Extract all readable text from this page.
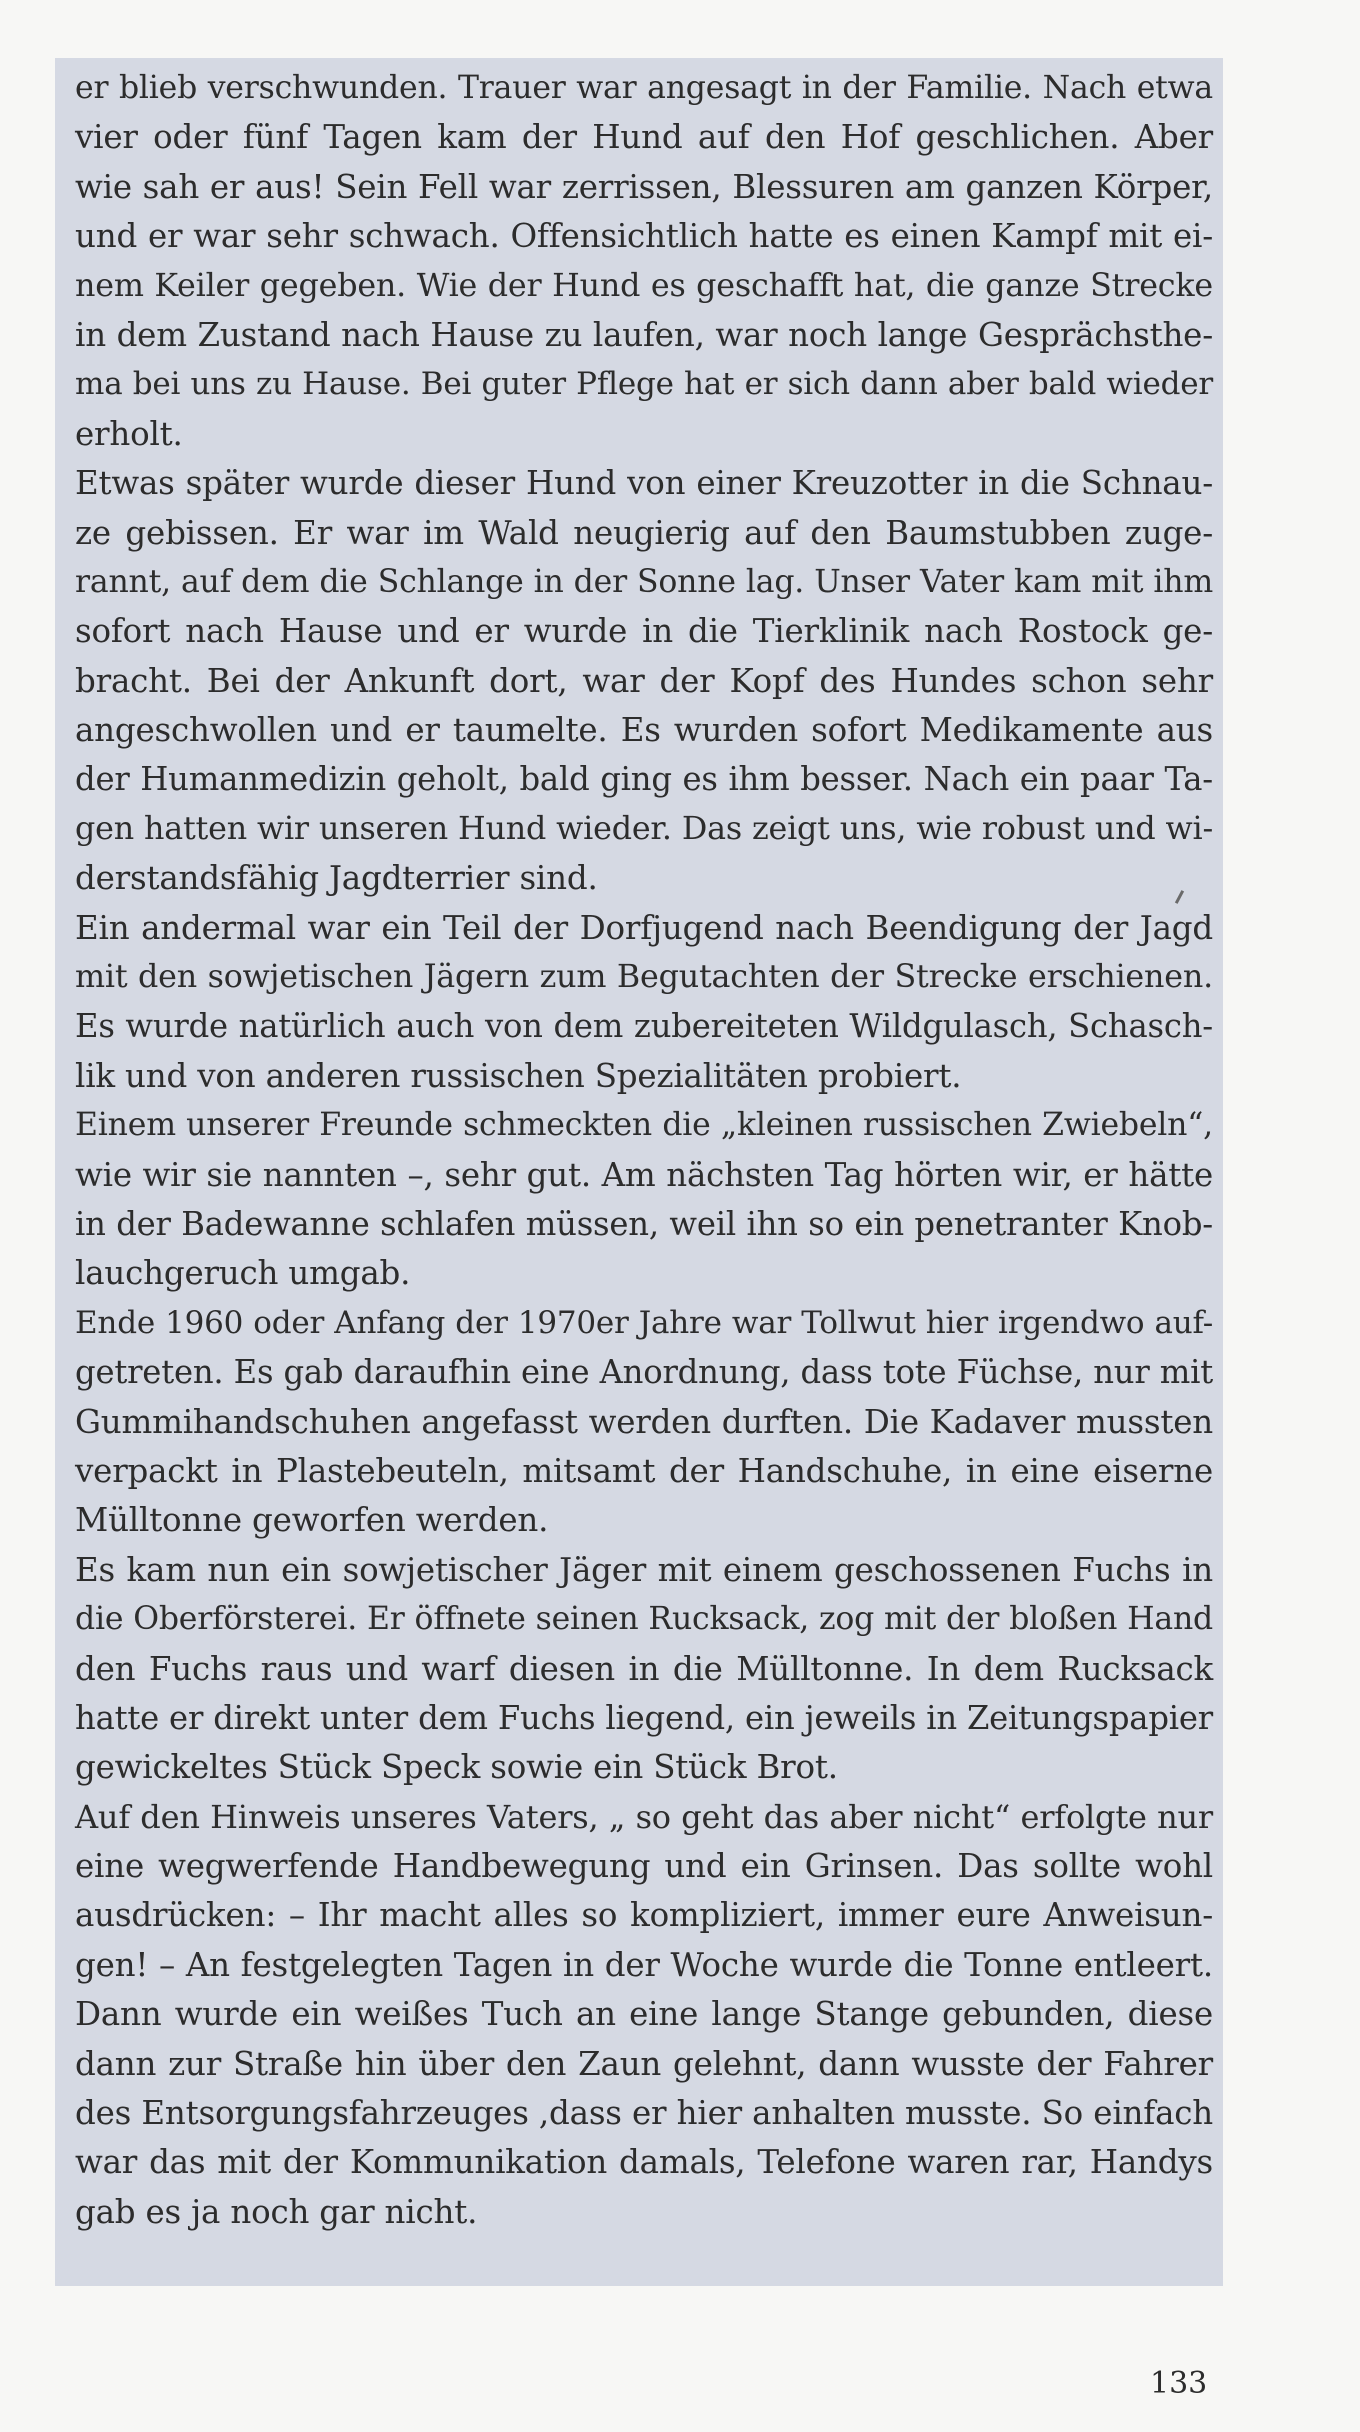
er blieb verschwunden. Trauer war angesagt in der Familie. Nach etwa
vier oder fünf Tagen kam der Hund auf den Hof geschlichen. Aber
wie sah er aus! Sein Fell war zerrissen, Blessuren am ganzen Körper,
und er war sehr schwach. Offensichtlich hatte es einen Kampf mit ei-
nem Keiler gegeben. Wie der Hund es geschafft hat, die ganze Strecke
in dem Zustand nach Hause zu laufen, war noch lange Gesprächsthe-
ma bei uns zu Hause. Bei guter Pflege hat er sich dann aber bald wieder
erholt.
Etwas später wurde dieser Hund von einer Kreuzotter in die Schnau-
ze gebissen. Er war im Wald neugierig auf den Baumstubben zuge-
rannt, auf dem die Schlange in der Sonne lag. Unser Vater kam mit ihm
sofort nach Hause und er wurde in die Tierklinik nach Rostock ge-
bracht. Bei der Ankunft dort, war der Kopf des Hundes schon sehr
angeschwollen und er taumelte. Es wurden sofort Medikamente aus
der Humanmedizin geholt, bald ging es ihm besser. Nach ein paar Ta-
gen hatten wir unseren Hund wieder. Das zeigt uns, wie robust und wi-
derstandsfähig Jagdterrier sind.
Ein andermal war ein Teil der Dorfjugend nach Beendigung der Jagd
mit den sowjetischen Jägern zum Begutachten der Strecke erschienen.
Es wurde natürlich auch von dem zubereiteten Wildgulasch, Schasch-
lik und von anderen russischen Spezialitäten probiert.
Einem unserer Freunde schmeckten die „kleinen russischen Zwiebeln“,
wie wir sie nannten –, sehr gut. Am nächsten Tag hörten wir, er hätte
in der Badewanne schlafen müssen, weil ihn so ein penetranter Knob-
lauchgeruch umgab.
Ende 1960 oder Anfang der 1970er Jahre war Tollwut hier irgendwo auf-
getreten. Es gab daraufhin eine Anordnung, dass tote Füchse, nur mit
Gummihandschuhen angefasst werden durften. Die Kadaver mussten
verpackt in Plastebeuteln, mitsamt der Handschuhe, in eine eiserne
Mülltonne geworfen werden.
Es kam nun ein sowjetischer Jäger mit einem geschossenen Fuchs in
die Oberförsterei. Er öffnete seinen Rucksack, zog mit der bloßen Hand
den Fuchs raus und warf diesen in die Mülltonne. In dem Rucksack
hatte er direkt unter dem Fuchs liegend, ein jeweils in Zeitungspapier
gewickeltes Stück Speck sowie ein Stück Brot.
Auf den Hinweis unseres Vaters, „ so geht das aber nicht“ erfolgte nur
eine wegwerfende Handbewegung und ein Grinsen. Das sollte wohl
ausdrücken: – Ihr macht alles so kompliziert, immer eure Anweisun-
gen! – An festgelegten Tagen in der Woche wurde die Tonne entleert.
Dann wurde ein weißes Tuch an eine lange Stange gebunden, diese
dann zur Straße hin über den Zaun gelehnt, dann wusste der Fahrer
des Entsorgungsfahrzeuges ,dass er hier anhalten musste. So einfach
war das mit der Kommunikation damals, Telefone waren rar, Handys
gab es ja noch gar nicht.
133
